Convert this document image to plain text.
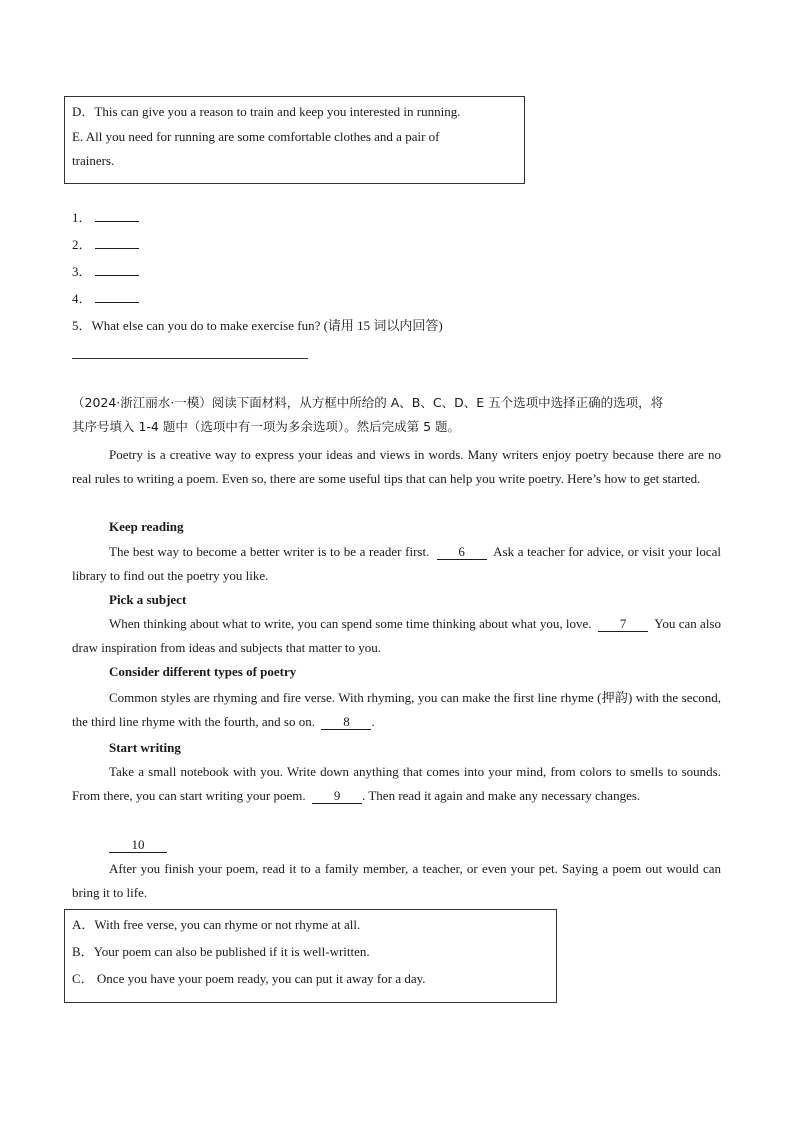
D．This can give you a reason to train and keep you interested in running.
E. All you need for running are some comfortable clothes and a pair of
trainers.
1．
2．
3．
4．
5．What else can you do to make exercise fun? (请用 15 词以内回答)
（2024·浙江丽水·一模）阅读下面材料，从方框中所给的 A、B、C、D、E 五个选项中选择正确的选项，将
其序号填入 1-4 题中（选项中有一项为多余选项）。然后完成第 5 题。
Poetry is a creative way to express your ideas and views in words. Many writers enjoy poetry because there are no real rules to writing a poem. Even so, there are some useful tips that can help you write poetry. Here’s how to get started.
Keep reading
The best way to become a better writer is to be a reader first. 6 Ask a teacher for advice, or visit your local library to find out the poetry you like.
Pick a subject
When thinking about what to write, you can spend some time thinking about what you, love. 7 You can also draw inspiration from ideas and subjects that matter to you.
Consider different types of poetry
Common styles are rhyming and fire verse. With rhyming, you can make the first line rhyme (押韵) with the second, the third line rhyme with the fourth, and so on. 8 .
Start writing
Take a small notebook with you. Write down anything that comes into your mind, from colors to smells to sounds. From there, you can start writing your poem. 9 . Then read it again and make any necessary changes.
10
After you finish your poem, read it to a family member, a teacher, or even your pet. Saying a poem out would can bring it to life.
A．With free verse, you can rhyme or not rhyme at all.
B．Your poem can also be published if it is well-written.
C． Once you have your poem ready, you can put it away for a day.
